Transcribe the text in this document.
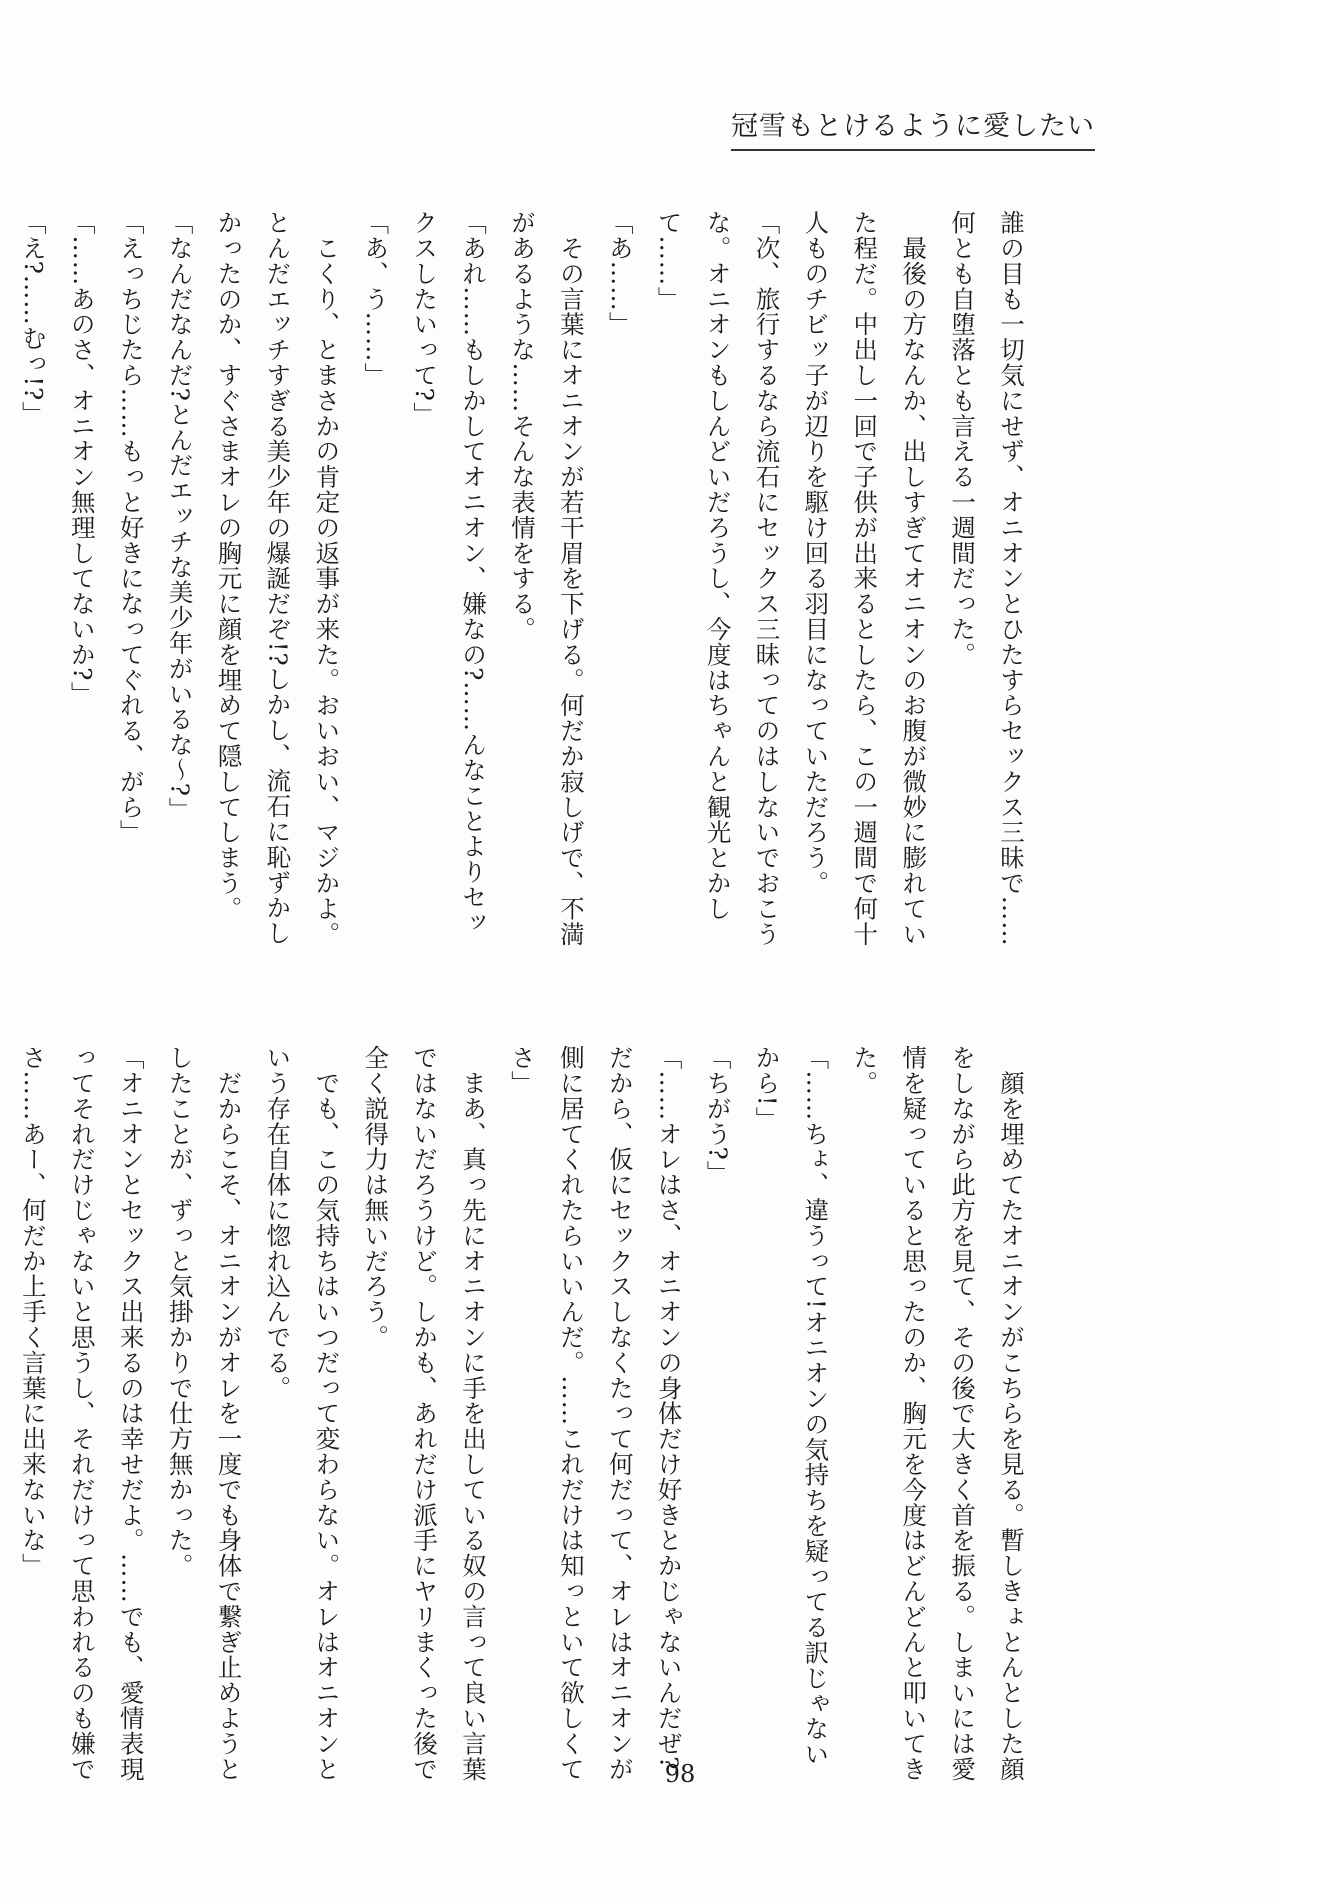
冠雪もとけるように愛したい

誰の目も一切気にせず、オニオンとひたすらセックス三昧で……何とも自堕落とも言える一週間だった。

　最後の方なんか、出しすぎてオニオンのお腹が微妙に膨れていた程だ。中出し一回で子供が出来るとしたら、この一週間で何十人ものチビッ子が辺りを駆け回る羽目になっていただろう。

「次、旅行するなら流石にセックス三昧ってのはしないでおこうな。オニオンもしんどいだろうし、今度はちゃんと観光とかして……」

「あ……」

　その言葉にオニオンが若干眉を下げる。何だか寂しげで、不満があるような……そんな表情をする。

「あれ……もしかしてオニオン、嫌なの?……んなことよりセックスしたいって?」

「あ、う……」

　こくり、とまさかの肯定の返事が来た。おいおい、マジかよ。とんだエッチすぎる美少年の爆誕だぞ!?しかし、流石に恥ずかしかったのか、すぐさまオレの胸元に顔を埋めて隠してしまう。

「なんだなんだ?とんだエッチな美少年がいるな～?」

「えっちじたら……もっと好きになってぐれる、がら」

「……あのさ、オニオン無理してないか?」

「え?……むっ!?」

　顔を埋めてたオニオンがこちらを見る。暫しきょとんとした顔をしながら此方を見て、その後で大きく首を振る。しまいには愛情を疑っていると思ったのか、胸元を今度はどんどんと叩いてきた。

「……ちょ、違うって!オニオンの気持ちを疑ってる訳じゃないから!」

「ちがう?」

「……オレはさ、オニオンの身体だけ好きとかじゃないんだぜ?だから、仮にセックスしなくたって何だって、オレはオニオンが側に居てくれたらいいんだ。……これだけは知っといて欲しくてさ」

　まあ、真っ先にオニオンに手を出している奴の言って良い言葉ではないだろうけど。しかも、あれだけ派手にヤリまくった後で全く説得力は無いだろう。

　でも、この気持ちはいつだって変わらない。オレはオニオンという存在自体に惚れ込んでる。

　だからこそ、オニオンがオレを一度でも身体で繋ぎ止めようとしたことが、ずっと気掛かりで仕方無かった。

「オニオンとセックス出来るのは幸せだよ。……でも、愛情表現ってそれだけじゃないと思うし、それだけって思われるのも嫌でさ……あー、何だか上手く言葉に出来ないな」

98
